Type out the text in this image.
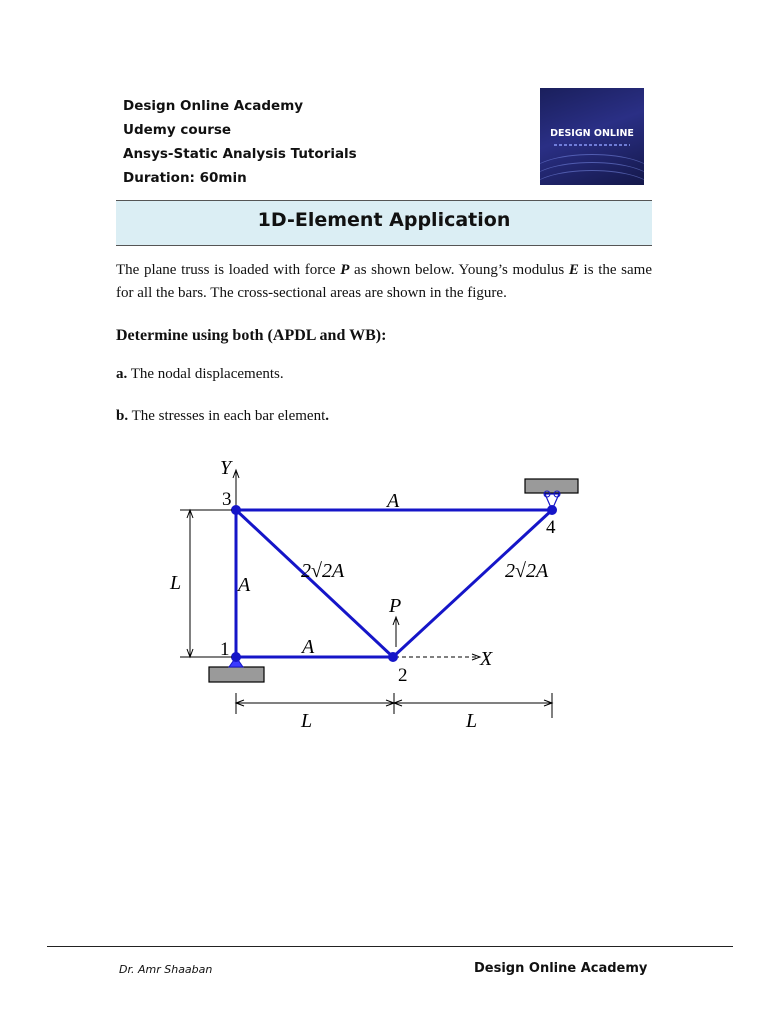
Design Online Academy
Udemy course
Ansys-Static Analysis Tutorials
Duration: 60min
DESIGN ONLINE
1D-Element Application
The plane truss is loaded with force P as shown below. Young’s modulus E is the same for all the bars. The cross-sectional areas are shown in the figure.
Determine using both (APDL and WB):
a. The nodal displacements.
b. The stresses in each bar element.
Y
X
3
4
1
2
A
A
A
2√2A	2√2A
P
L
L	L
Dr. Amr Shaaban	Design Online Academy
